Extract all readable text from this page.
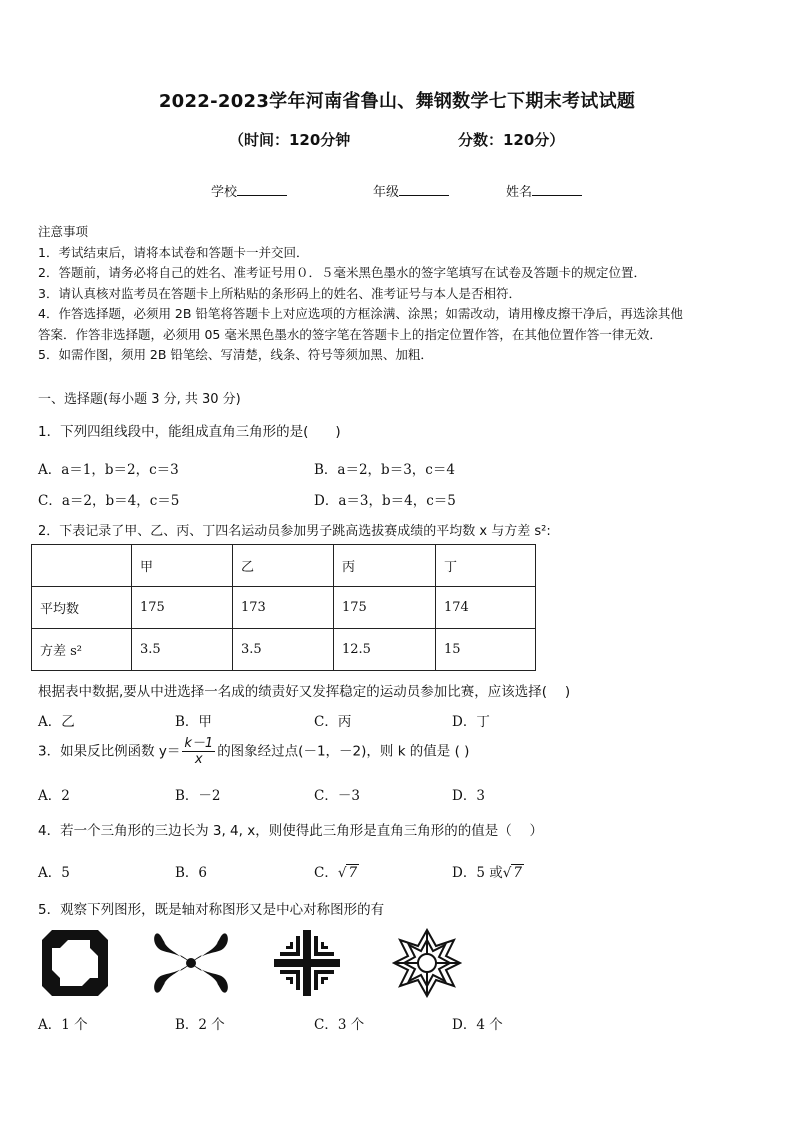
2022-2023学年河南省鲁山、舞钢数学七下期末考试试题
（时间：120分钟	分数：120分）
学校	年级	姓名
注意事项
1．考试结束后，请将本试卷和答题卡一并交回．
2．答题前，请务必将自己的姓名、准考证号用０．５毫米黑色墨水的签字笔填写在试卷及答题卡的规定位置．
3．请认真核对监考员在答题卡上所粘贴的条形码上的姓名、准考证号与本人是否相符．
4．作答选择题，必须用 2B 铅笔将答题卡上对应选项的方框涂满、涂黑；如需改动，请用橡皮擦干净后，再选涂其他
答案．作答非选择题，必须用 05 毫米黑色墨水的签字笔在答题卡上的指定位置作答，在其他位置作答一律无效．
5．如需作图，须用 2B 铅笔绘、写清楚，线条、符号等须加黑、加粗．
一、选择题(每小题 3 分, 共 30 分)
1．下列四组线段中，能组成直角三角形的是(　　)
A．a＝1，b＝2，c＝3	B．a＝2，b＝3，c＝4
C．a＝2，b＝4，c＝5	D．a＝3，b＝4，c＝5
2．下表记录了甲、乙、丙、丁四名运动员参加男子跳高选拔赛成绩的平均数 x 与方差 s²:
	甲	乙	丙	丁
平均数	175	173	175	174
方差 s²	3.5	3.5	12.5	15
根据表中数据,要从中进选择一名成的绩责好又发挥稳定的运动员参加比赛，应该选择(　 )
A．乙	B．甲	C．丙	D．丁
3．如果反比例函数 $y= \frac{k-1}{x}$ 的图象经过点(－1，－2)，则 k 的值是 ( )
A．2	B．－2	C．－3	D．3
4．若一个三角形的三边长为 3, 4, x，则使得此三角形是直角三角形的的值是（　 ）
A．5	B．6	C．√ 7	D．5 或√ 7
5．观察下列图形，既是轴对称图形又是中心对称图形的有
A．1 个	B．2 个	C．3 个	D．4 个
